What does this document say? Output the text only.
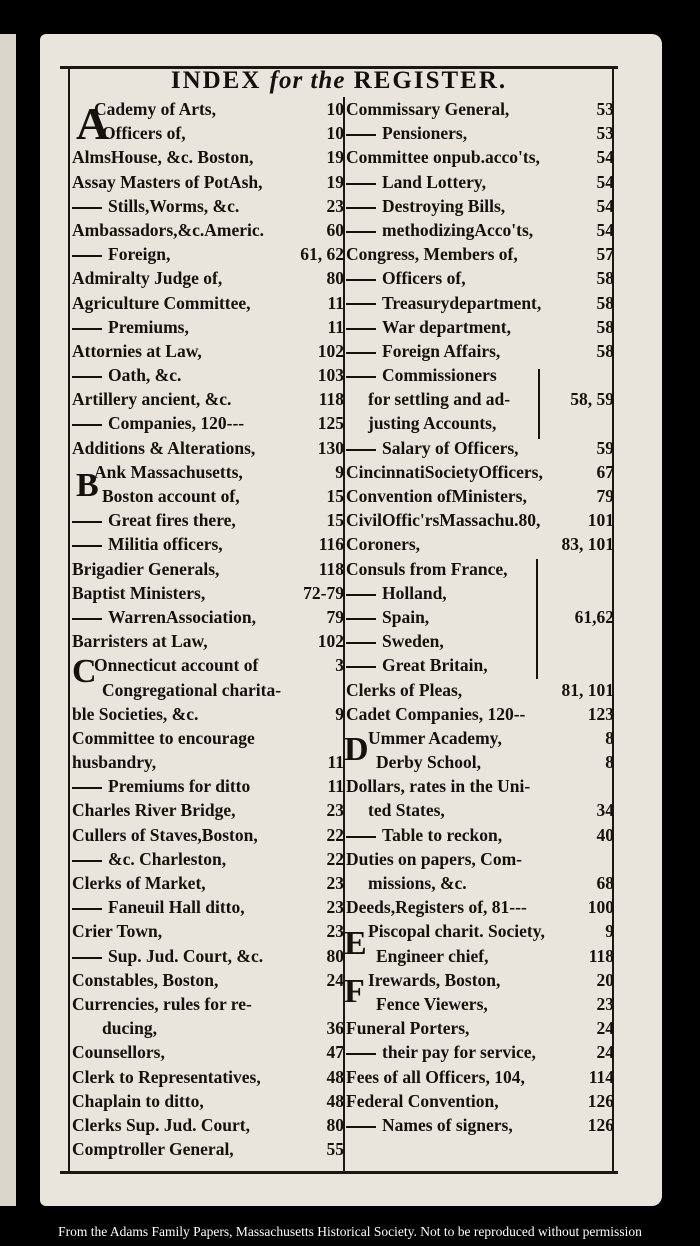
INDEX for the REGISTER.
A
B
C
D
E
F
Cademy of Arts,	10
Officers of,	10
AlmsHouse, &c. Boston,	19
Assay Masters of PotAsh,	19
Stills,Worms, &c.	23
Ambassadors,&c.Americ.	60
Foreign,	61, 62
Admiralty Judge of,	80
Agriculture Committee,	11
Premiums,	11
Attornies at Law,	102
Oath, &c.	103
Artillery ancient, &c.	118
Companies, 120---	125
Additions & Alterations,	130
Ank Massachusetts,	9
Boston account of,	15
Great fires there,	15
Militia officers,	116
Brigadier Generals,	118
Baptist Ministers,	72-79
WarrenAssociation,	79
Barristers at Law,	102
Onnecticut account of	3
Congregational charita-
ble Societies, &c.	9
Committee to encourage
husbandry,	11
Premiums for ditto	11
Charles River Bridge,	23
Cullers of Staves,Boston,	22
&c. Charleston,	22
Clerks of Market,	23
Faneuil Hall ditto,	23
Crier Town,	23
Sup. Jud. Court, &c.	80
Constables, Boston,	24
Currencies, rules for re-
ducing,	36
Counsellors,	47
Clerk to Representatives,	48
Chaplain to ditto,	48
Clerks Sup. Jud. Court,	80
Comptroller General,	55
Commissary General,	53
Pensioners,	53
Committee onpub.acco'ts,	54
Land Lottery,	54
Destroying Bills,	54
methodizingAcco'ts,	54
Congress, Members of,	57
Officers of,	58
Treasurydepartment,	58
War department,	58
Foreign Affairs,	58
Commissioners
for settling and ad-	58, 59
justing Accounts,
Salary of Officers,	59
CincinnatiSocietyOfficers,	67
Convention ofMinisters,	79
CivilOffic'rsMassachu.80,	101
Coroners,	83, 101
Consuls from France,
Holland,
Spain,	61,62
Sweden,
Great Britain,
Clerks of Pleas,	81, 101
Cadet Companies, 120--	123
Ummer Academy,	8
Derby School,	8
Dollars, rates in the Uni-
ted States,	34
Table to reckon,	40
Duties on papers, Com-
missions, &c.	68
Deeds,Registers of, 81---	100
Piscopal charit. Society,	9
Engineer chief,	118
Irewards, Boston,	20
Fence Viewers,	23
Funeral Porters,	24
their pay for service,	24
Fees of all Officers, 104,	114
Federal Convention,	126
Names of signers,	126
From the Adams Family Papers, Massachusetts Historical Society. Not to be reproduced without permission
